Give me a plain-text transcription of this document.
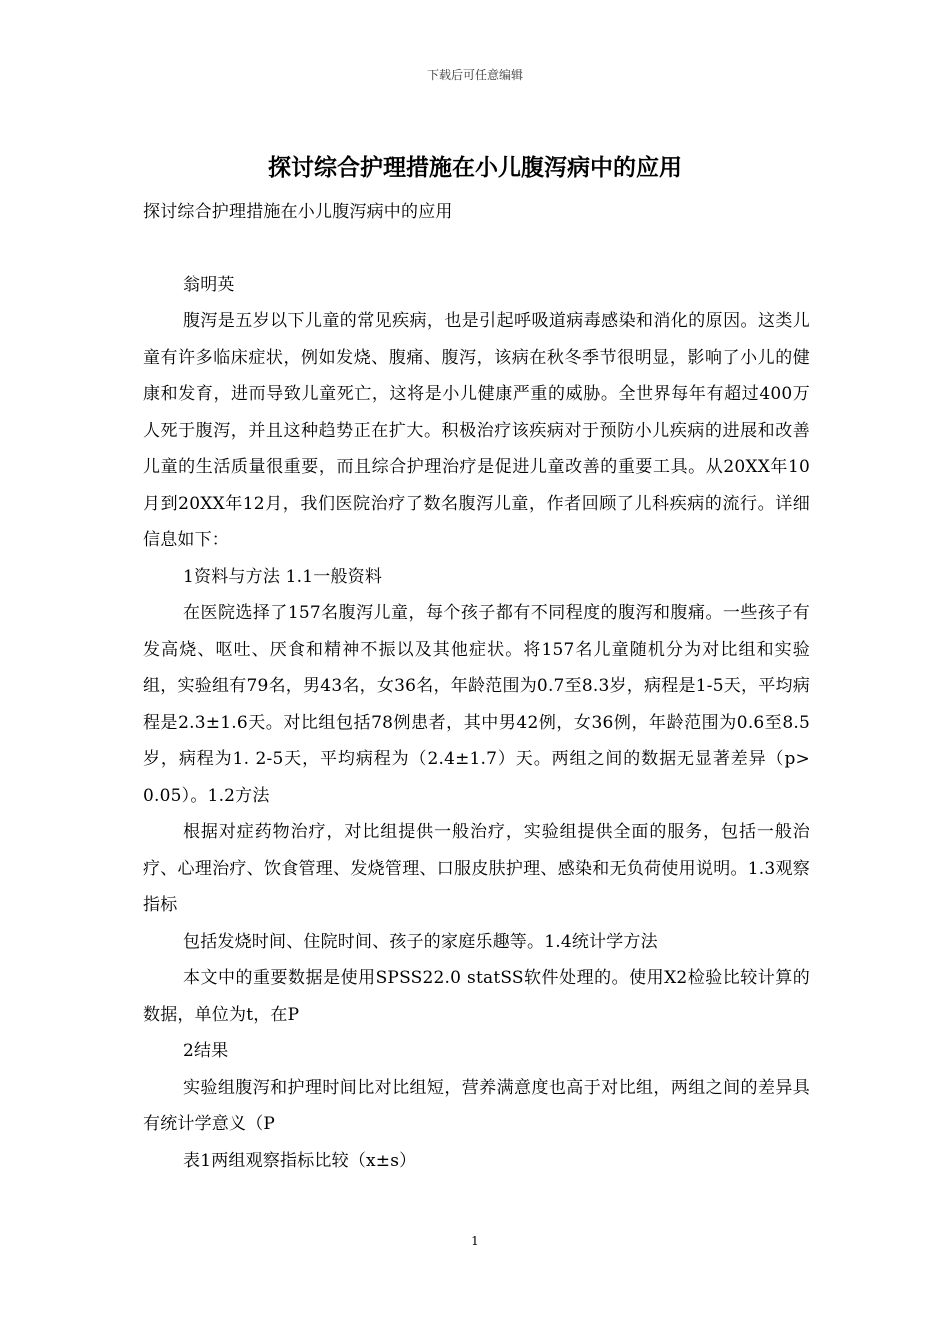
下载后可任意编辑
探讨综合护理措施在小儿腹泻病中的应用

探讨综合护理措施在小儿腹泻病中的应用

翁明英

腹泻是五岁以下儿童的常见疾病，也是引起呼吸道病毒感染和消化的原因。这类儿童有许多临床症状，例如发烧、腹痛、腹泻，该病在秋冬季节很明显，影响了小儿的健康和发育，进而导致儿童死亡，这将是小儿健康严重的威胁。全世界每年有超过400万人死于腹泻，并且这种趋势正在扩大。积极治疗该疾病对于预防小儿疾病的进展和改善儿童的生活质量很重要，而且综合护理治疗是促进儿童改善的重要工具。从20XX年10月到20XX年12月，我们医院治疗了数名腹泻儿童，作者回顾了儿科疾病的流行。详细信息如下：

1资料与方法 1.1一般资料

在医院选择了157名腹泻儿童，每个孩子都有不同程度的腹泻和腹痛。一些孩子有发高烧、呕吐、厌食和精神不振以及其他症状。将157名儿童随机分为对比组和实验组，实验组有79名，男43名，女36名，年龄范围为0.7至8.3岁，病程是1-5天，平均病程是2.3±1.6天。对比组包括78例患者，其中男42例，女36例，年龄范围为0.6至8.5岁，病程为1. 2-5天，平均病程为（2.4±1.7）天。两组之间的数据无显著差异（p> 0.05）。1.2方法

根据对症药物治疗，对比组提供一般治疗，实验组提供全面的服务，包括一般治疗、心理治疗、饮食管理、发烧管理、口服皮肤护理、感染和无负荷使用说明。1.3观察指标

包括发烧时间、住院时间、孩子的家庭乐趣等。1.4统计学方法

本文中的重要数据是使用SPSS22.0 statSS软件处理的。使用X2检验比较计算的数据，单位为t，在P

2结果

实验组腹泻和护理时间比对比组短，营养满意度也高于对比组，两组之间的差异具有统计学意义（P

表1两组观察指标比较（x±s）

1
